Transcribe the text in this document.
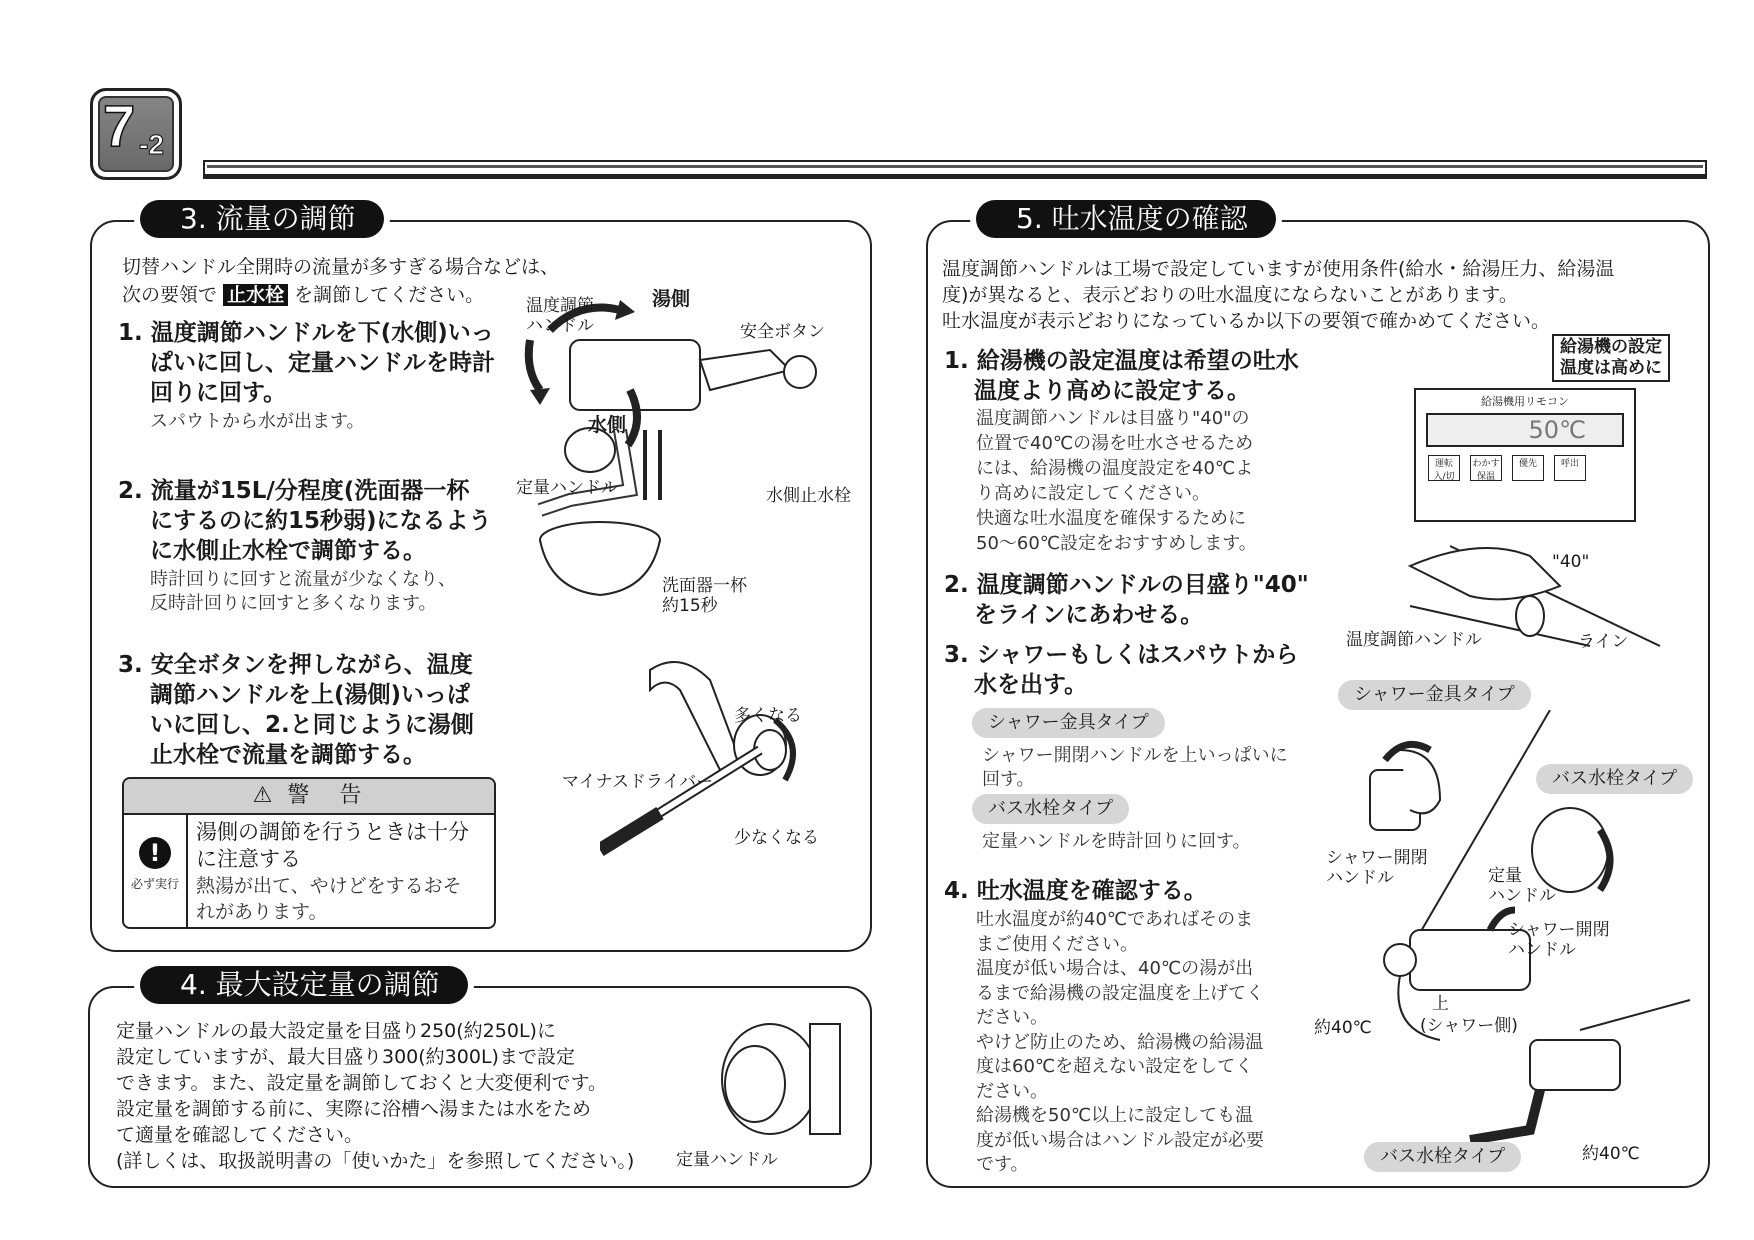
7 -2
3. 流量の調節
切替ハンドル全開時の流量が多すぎる場合などは、
次の要領で 止水栓 を調節してください。
1. 温度調節ハンドルを下(水側)いっ
ぱいに回し、定量ハンドルを時計
回りに回す。
スパウトから水が出ます。
2. 流量が15L/分程度(洗面器一杯
にするのに約15秒弱)になるよう
に水側止水栓で調節する。
時計回りに回すと流量が少なくなり、
反時計回りに回すと多くなります。
3. 安全ボタンを押しながら、温度
調節ハンドルを上(湯側)いっぱ
いに回し、2.と同じように湯側
止水栓で流量を調節する。
⚠ 警　告
!
必ず実行
湯側の調節を行うときは十分
に注意する
熱湯が出て、やけどをするおそ
れがあります。
温度調節
ハンドル
湯側
安全ボタン
水側
定量ハンドル	水側止水栓
洗面器一杯
約15秒
多くなる
マイナスドライバー
少なくなる
4. 最大設定量の調節
定量ハンドルの最大設定量を目盛り250(約250L)に
設定していますが、最大目盛り300(約300L)まで設定
できます。また、設定量を調節しておくと大変便利です。
設定量を調節する前に、実際に浴槽へ湯または水をため
て適量を確認してください。
(詳しくは、取扱説明書の「使いかた」を参照してください。) 定量ハンドル
5. 吐水温度の確認
温度調節ハンドルは工場で設定していますが使用条件(給水・給湯圧力、給湯温
度)が異なると、表示どおりの吐水温度にならないことがあります。
吐水温度が表示どおりになっているか以下の要領で確かめてください。
1. 給湯機の設定温度は希望の吐水
温度より高めに設定する。
温度調節ハンドルは目盛り"40"の
位置で40℃の湯を吐水させるため
には、給湯機の温度設定を40℃よ
り高めに設定してください。
快適な吐水温度を確保するために
50～60℃設定をおすすめします。
2. 温度調節ハンドルの目盛り"40"
をラインにあわせる。
3. シャワーもしくはスパウトから
水を出す。
シャワー金具タイプ
シャワー開閉ハンドルを上いっぱいに
回す。
バス水栓タイプ
定量ハンドルを時計回りに回す。
4. 吐水温度を確認する。
吐水温度が約40℃であればそのま
まご使用ください。
温度が低い場合は、40℃の湯が出
るまで給湯機の設定温度を上げてく
ださい。
やけど防止のため、給湯機の給湯温
度は60℃を超えない設定をしてく
ださい。
給湯機を50℃以上に設定しても温
度が低い場合はハンドル設定が必要
です。
給湯機の設定
温度は高めに
給湯機用リモコン
50℃
運転入/切
わかす保温
優先	呼出
"40"
温度調節ハンドル	ライン
シャワー金具タイプ
バス水栓タイプ
シャワー開閉
ハンドル	定量
ハンドル
シャワー開閉
ハンドル
上
(シャワー側)
約40℃
バス水栓タイプ	約40℃
